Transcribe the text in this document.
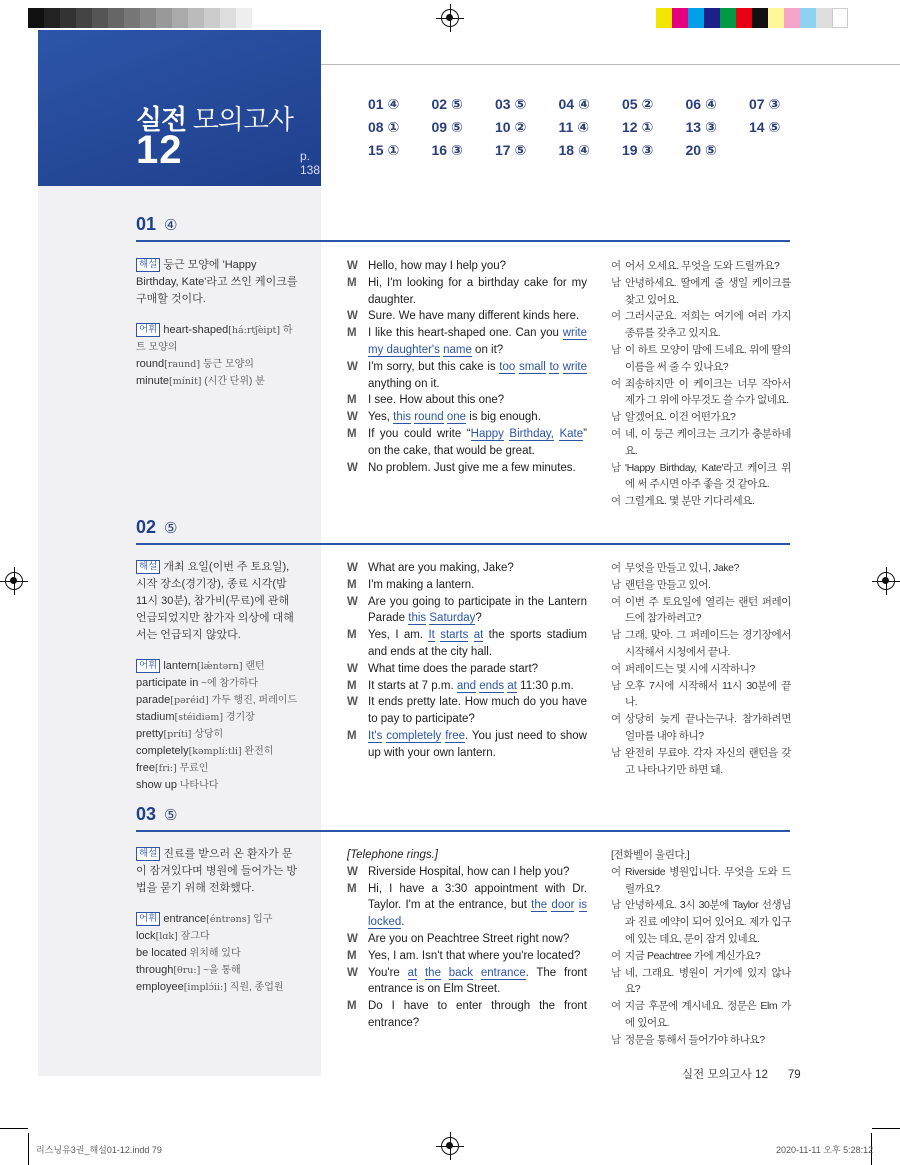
실전 모의고사
12	p. 138
01 ④	02 ⑤	03 ⑤	04 ④	05 ②	06 ④	07 ③
08 ①	09 ⑤	10 ②	11 ④	12 ①	13 ③	14 ⑤
15 ①	16 ③	17 ⑤	18 ④	19 ③	20 ⑤
01 ④
해설 둥근 모양에 'Happy Birthday, Kate'라고 쓰인 케이크를 구매할 것이다.
어휘 heart-shaped[há:rtʃèipt] 하트 모양의
round[raund] 둥근 모양의
minute[mínit] (시간 단위) 분
W Hello, how may I help you?
M Hi, I'm looking for a birthday cake for my daughter.
W Sure. We have many different kinds here.
M I like this heart-shaped one. Can you write my daughter's name on it?
W I'm sorry, but this cake is too small to write anything on it.
M I see. How about this one?
W Yes, this round one is big enough.
M If you could write “Happy Birthday, Kate” on the cake, that would be great.
W No problem. Just give me a few minutes.
여 어서 오세요. 무엇을 도와 드릴까요?
남 안녕하세요. 딸에게 줄 생일 케이크를 찾고 있어요.
여 그러시군요. 저희는 여기에 여러 가지 종류를 갖추고 있지요.
남 이 하트 모양이 맘에 드네요. 위에 딸의 이름을 써 줄 수 있나요?
여 죄송하지만 이 케이크는 너무 작아서 제가 그 위에 아무것도 쓸 수가 없네요.
남 알겠어요. 이건 어떤가요?
여 네, 이 둥근 케이크는 크기가 충분하네요.
남 'Happy Birthday, Kate'라고 케이크 위에 써 주시면 아주 좋을 것 같아요.
여 그럴게요. 몇 분만 기다리세요.
02 ⑤
해설 개최 요일(이번 주 토요일), 시작 장소(경기장), 종료 시각(밤 11시 30분), 참가비(무료)에 관해 언급되었지만 참가자 의상에 대해서는 언급되지 않았다.
어휘 lantern[lǽntərn] 랜턴
participate in ~에 참가하다
parade[pəréid] 가두 행진, 퍼레이드
stadium[stéidiəm] 경기장
pretty[príti] 상당히
completely[kəmplí:tli] 완전히
free[fri:] 무료인
show up 나타나다
W What are you making, Jake?
M I'm making a lantern.
W Are you going to participate in the Lantern Parade this Saturday?
M Yes, I am. It starts at the sports stadium and ends at the city hall.
W What time does the parade start?
M It starts at 7 p.m. and ends at 11:30 p.m.
W It ends pretty late. How much do you have to pay to participate?
M It's completely free. You just need to show up with your own lantern.
여 무엇을 만들고 있니, Jake?
남 랜턴을 만들고 있어.
여 이번 주 토요일에 열리는 랜턴 퍼레이드에 참가하려고?
남 그래, 맞아. 그 퍼레이드는 경기장에서 시작해서 시청에서 끝나.
여 퍼레이드는 몇 시에 시작하니?
남 오후 7시에 시작해서 11시 30분에 끝나.
여 상당히 늦게 끝나는구나. 참가하려면 얼마를 내야 하니?
남 완전히 무료야. 각자 자신의 랜턴을 갖고 나타나기만 하면 돼.
03 ⑤
해설 진료를 받으러 온 환자가 문이 잠겨있다며 병원에 들어가는 방법을 묻기 위해 전화했다.
어휘 entrance[éntrəns] 입구
lock[lɑk] 잠그다
be located 위치해 있다
through[θru:] ~을 통해
employee[implɔ́ii:] 직원, 종업원
[Telephone rings.]
W Riverside Hospital, how can I help you?
M Hi, I have a 3:30 appointment with Dr. Taylor. I'm at the entrance, but the door is locked.
W Are you on Peachtree Street right now?
M Yes, I am. Isn't that where you're located?
W You're at the back entrance. The front entrance is on Elm Street.
M Do I have to enter through the front entrance?
[전화벨이 울린다.]
여 Riverside 병원입니다. 무엇을 도와 드릴까요?
남 안녕하세요. 3시 30분에 Taylor 선생님과 진료 예약이 되어 있어요. 제가 입구에 있는 데요, 문이 잠겨 있네요.
여 지금 Peachtree 가에 계신가요?
남 네, 그래요. 병원이 거기에 있지 않나요?
여 지금 후문에 계시네요. 정문은 Elm 가에 있어요.
남 정문을 통해서 들어가야 하나요?
실전 모의고사 12 79
리스닝유3권_해설01-12.indd 79	2020-11-11 오후 5:28:12
